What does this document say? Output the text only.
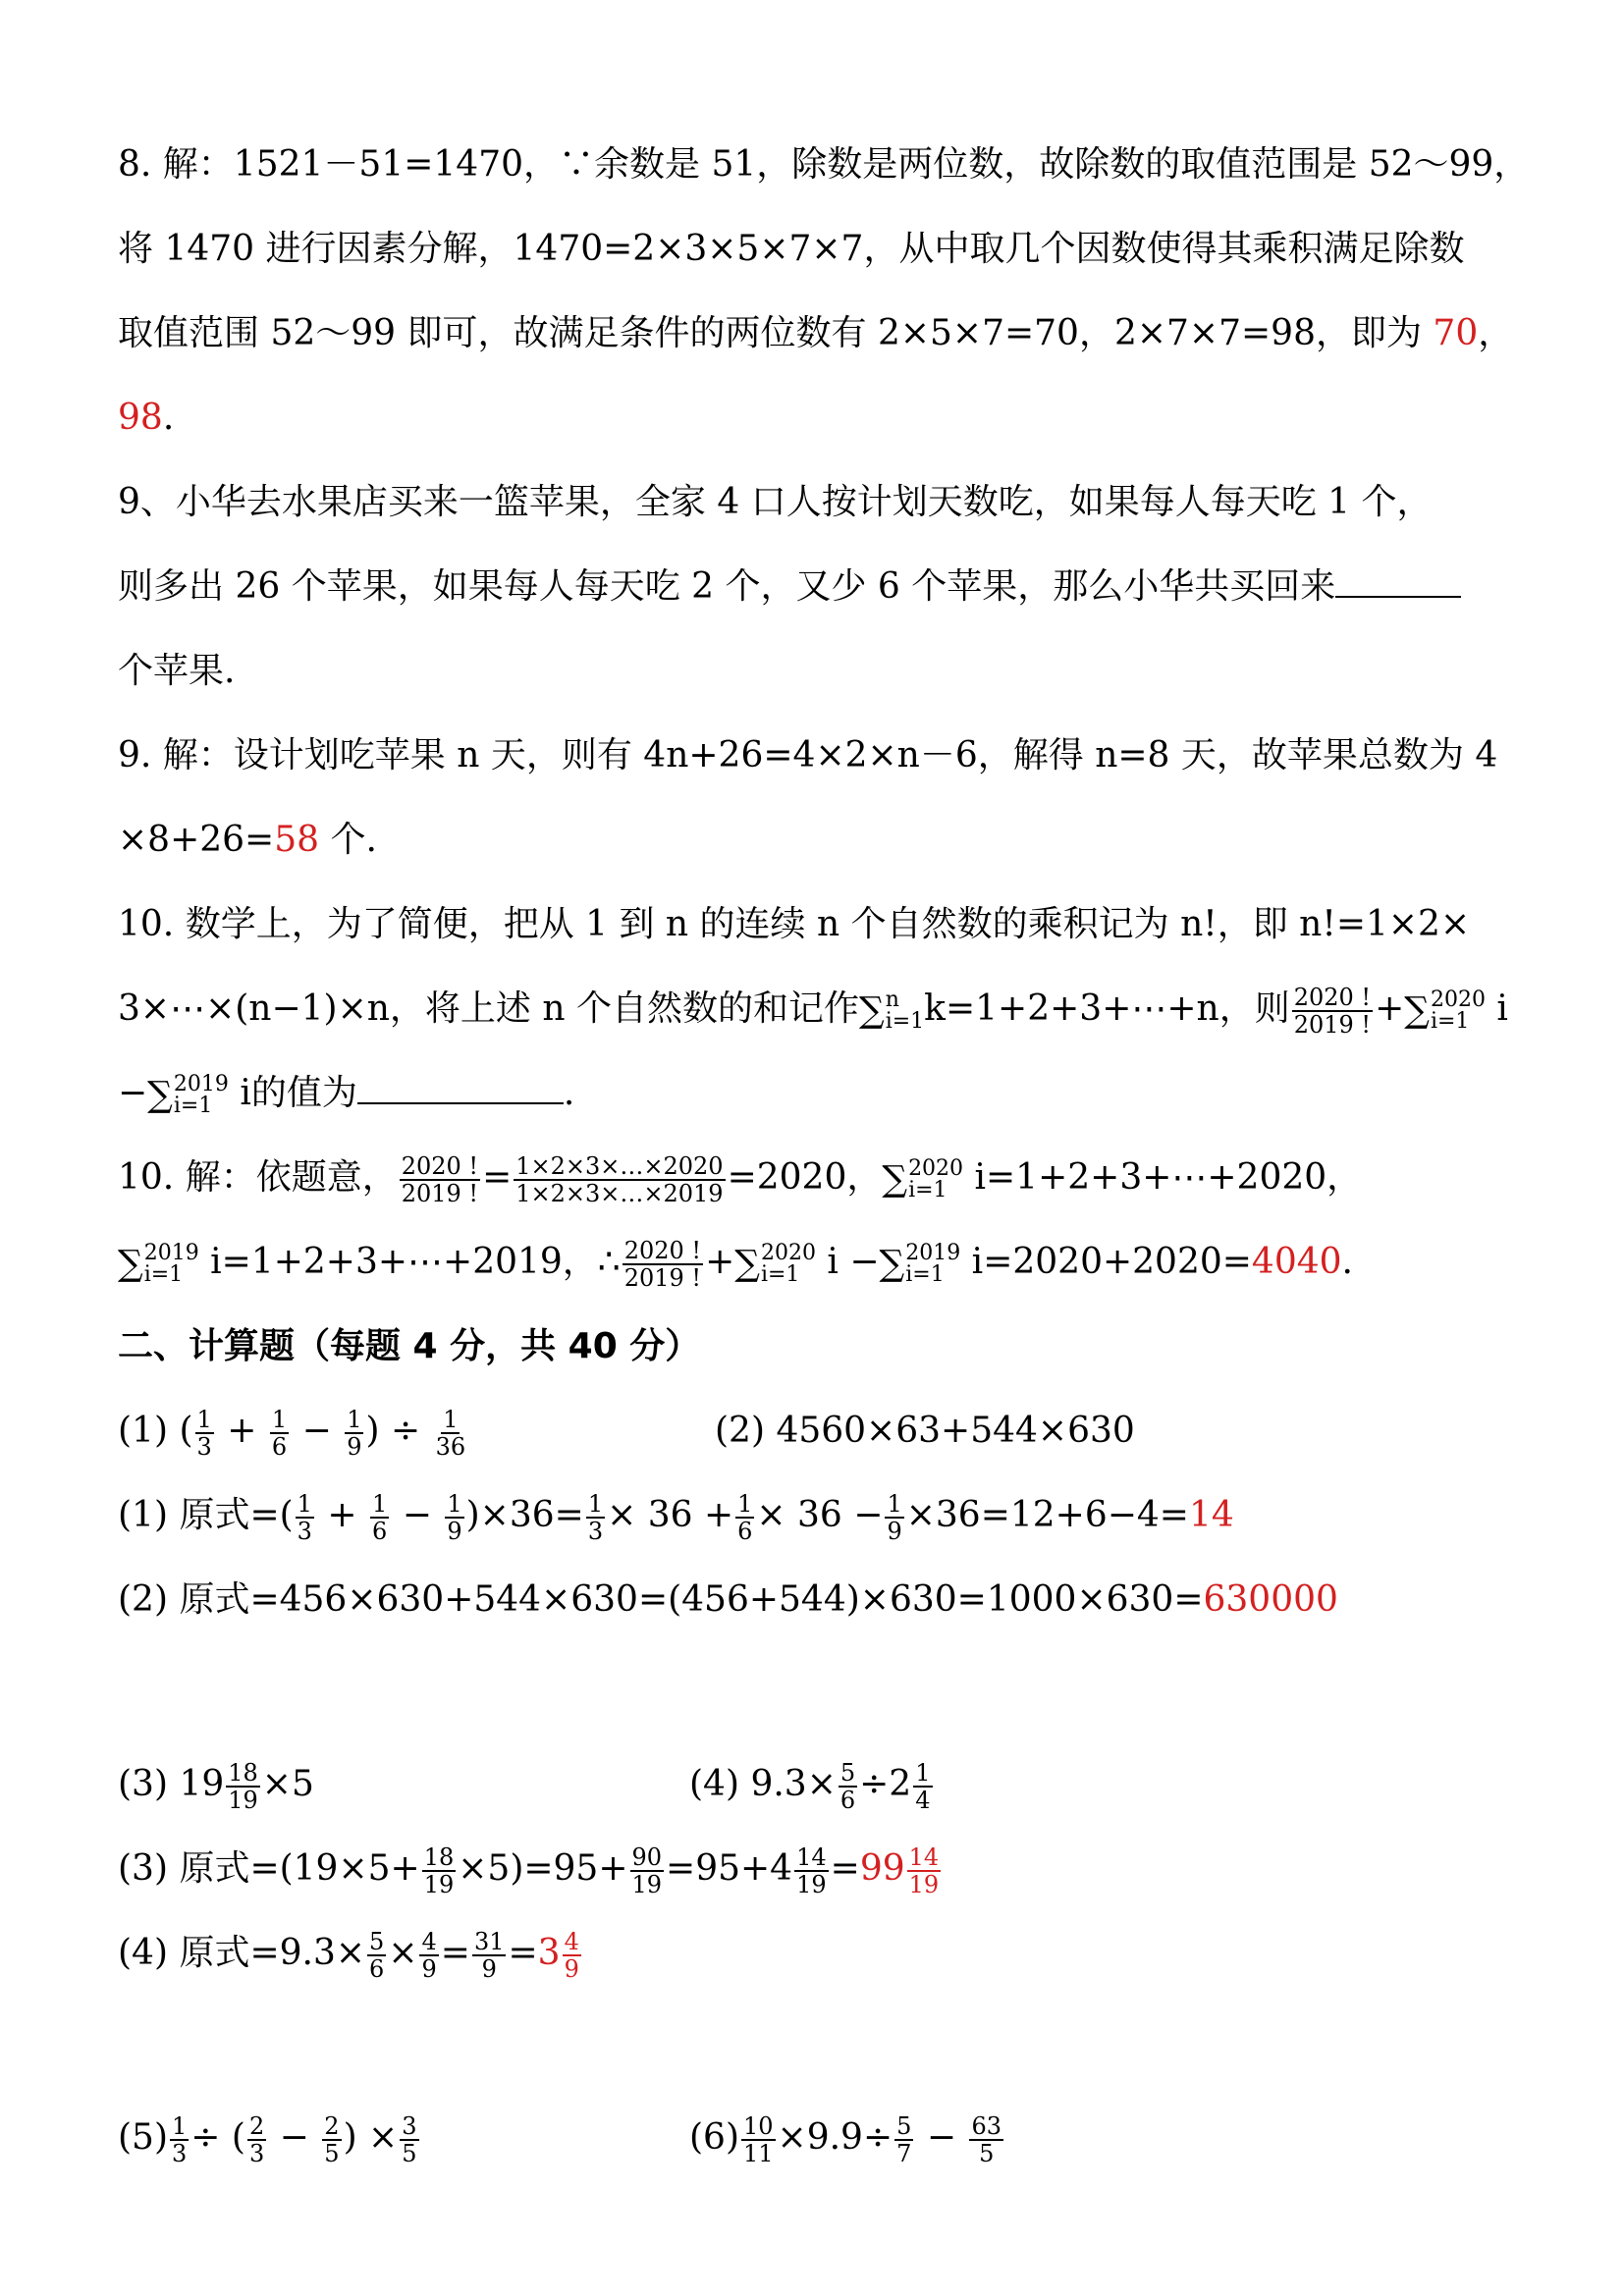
8. 解：1521－51=1470，∵余数是 51，除数是两位数，故除数的取值范围是 52～99，
将 1470 进行因素分解，1470=2×3×5×7×7，从中取几个因数使得其乘积满足除数
取值范围 52～99 即可，故满足条件的两位数有 2×5×7=70，2×7×7=98，即为 70，
98.
9、小华去水果店买来一篮苹果，全家 4 口人按计划天数吃，如果每人每天吃 1 个，
则多出 26 个苹果，如果每人每天吃 2 个，又少 6 个苹果，那么小华共买回来
个苹果.
9. 解：设计划吃苹果 n 天，则有 4n+26=4×2×n－6，解得 n=8 天，故苹果总数为 4
×8+26=58 个.
10. 数学上，为了简便，把从 1 到 n 的连续 n 个自然数的乘积记为 n!，即 n!=1×2×
3×⋯×(n−1)×n，将上述 n 个自然数的和记作 ∑ n
i=1 k=1+2+3+⋯+n，则 $\frac{2020 !}{2019 !}$ + ∑ 2020
i=1 i
− ∑ 2019
i=1 i的值为	.
10. 解：依题意， $\frac{2020 !}{2019 !} = \frac{1\times 2\times 3\times\dots\times 2020}{1\times 2\times 3\times\dots\times 2019} =2020$， ∑ 2020
i=1 i=1+2+3+⋯+2020，
∑ 2019
i=1 i=1+2+3+⋯+2019，∴ $\frac{2020 !}{2019 !}$ + ∑ 2020
i=1 i − ∑ 2019
i=1 i=2020+2020=4040.
二、计算题（每题 4 分，共 40 分）
(1) ( $\frac{1}{3} + \frac{1}{6} - \frac{1}{9}$ ) ÷ $\frac{1}{36}$	(2) 4560×63+544×630
(1) 原式=( $\frac{1}{3} + \frac{1}{6} - \frac{1}{9} )\times 36= \frac{1}{3} \times 36 + \frac{1}{6} \times 36 - \frac{1}{9} \times 36=12+6-4=14$
(2) 原式=456×630+544×630=(456+544)×630=1000×630=630000
(3) $19 \frac{18}{19} \times 5$	(4) $9.3\times \frac{5}{6} \div 2 \frac{1}{4}$
(3) 原式$=(19\times 5+ \frac{18}{19} \times 5)=95+ \frac{90}{19} =95+4 \frac{14}{19} =99 \frac{14}{19}$
(4) 原式$=9.3\times \frac{5}{6} \times \frac{4}{9} = \frac{31}{9} =3 \frac{4}{9}$
$(5) \frac{1}{3}$ ÷ ( $\frac{2}{3} - \frac{2}{5}$ ) × $\frac{3}{5}$	$(6) \frac{10}{11} \times 9.9\div \frac{5}{7} - \frac{63}{5}$
